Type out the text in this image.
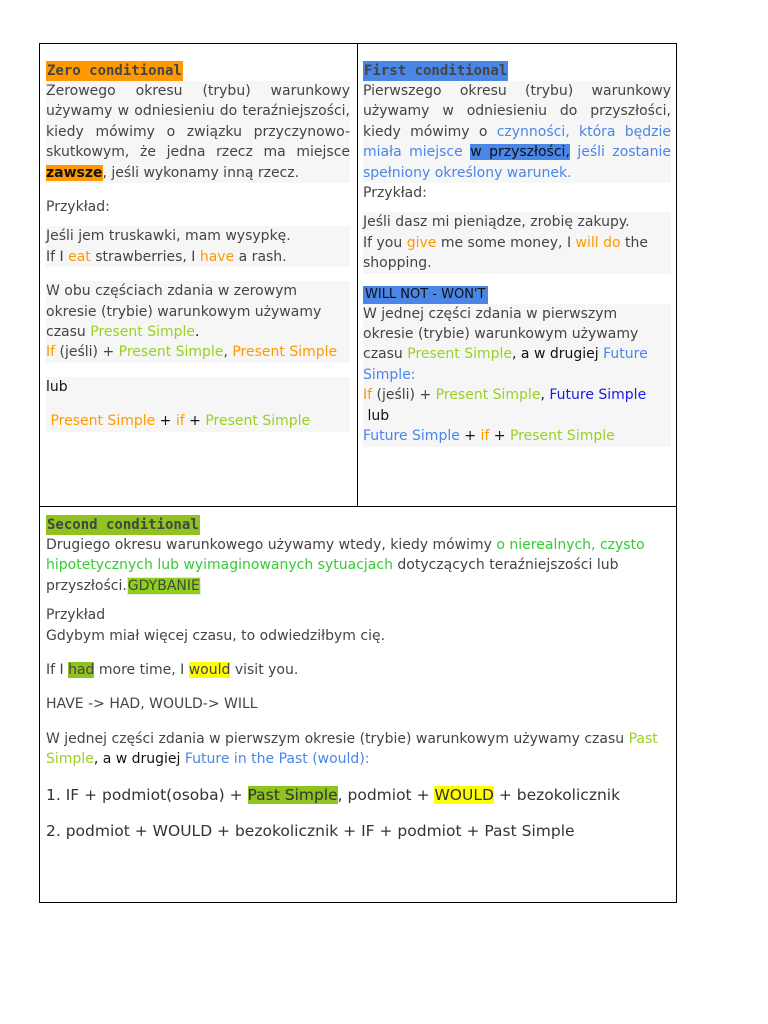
Zero conditional
Zerowego okresu (trybu) warunkowy używamy w odniesieniu do teraźniejszości, kiedy mówimy o związku przyczynowo-skutkowym, że jedna rzecz ma miejsce zawsze, jeśli wykonamy inną rzecz.
Przykład:
Jeśli jem truskawki, mam wysypkę.
If I eat strawberries, I have a rash.
W obu częściach zdania w zerowym okresie (trybie) warunkowym używamy czasu Present Simple.
If (jeśli) + Present Simple, Present Simple
lub
Present Simple + if + Present Simple
First conditional
Pierwszego okresu (trybu) warunkowy używamy w odniesieniu do przyszłości, kiedy mówimy o czynności, która będzie miała miejsce w przyszłości, jeśli zostanie spełniony określony warunek.
Przykład:
Jeśli dasz mi pieniądze, zrobię zakupy.
If you give me some money, I will do the shopping.
WILL NOT - WON'T
W jednej części zdania w pierwszym okresie (trybie) warunkowym używamy czasu Present Simple, a w drugiej Future Simple:
If (jeśli) + Present Simple, Future Simple
lub
Future Simple + if + Present Simple
Second conditional
Drugiego okresu warunkowego używamy wtedy, kiedy mówimy o nierealnych, czysto hipotetycznych lub wyimaginowanych sytuacjach dotyczących teraźniejszości lub przyszłości.GDYBANIE
Przykład
Gdybym miał więcej czasu, to odwiedziłbym cię.
If I had more time, I would visit you.
HAVE -> HAD, WOULD-> WILL
W jednej części zdania w pierwszym okresie (trybie) warunkowym używamy czasu Past Simple, a w drugiej Future in the Past (would):
1. IF + podmiot(osoba) + Past Simple, podmiot + WOULD + bezokolicznik
2. podmiot + WOULD + bezokolicznik + IF + podmiot + Past Simple
